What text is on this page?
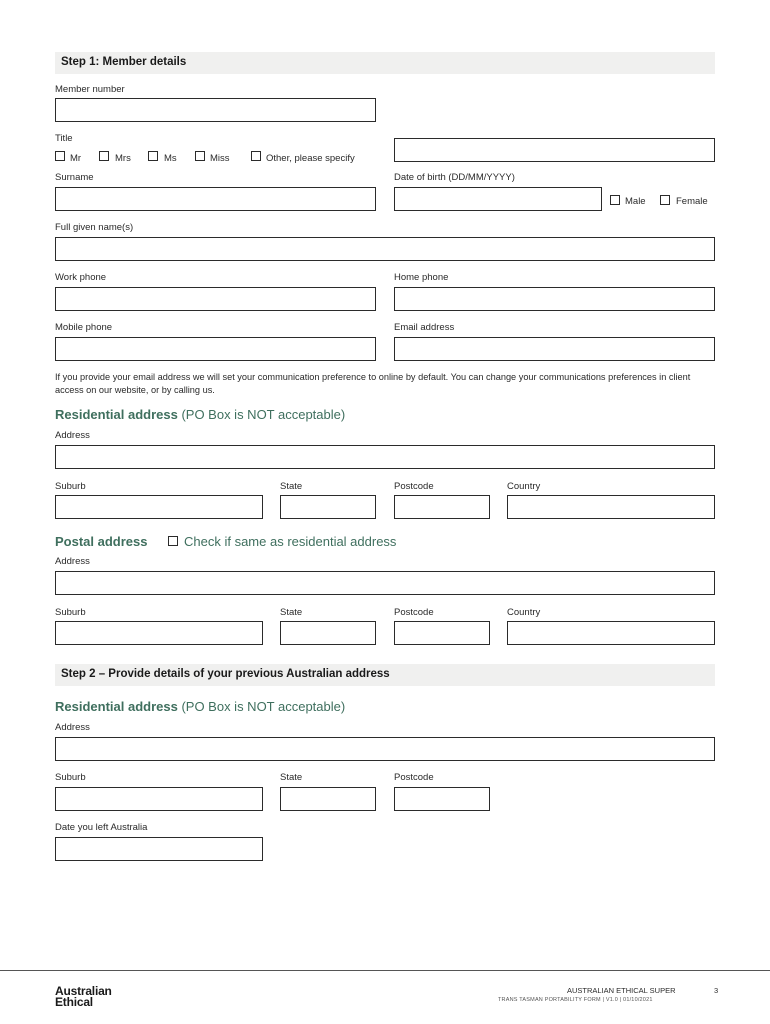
Step 1: Member details
Member number
Title
Mr	Mrs	Ms	Miss	Other, please specify
Surname	Date of birth (DD/MM/YYYY)
Male	Female
Full given name(s)
Work phone	Home phone
Mobile phone	Email address
If you provide your email address we will set your communication preference to online by default. You can change your communications preferences in client access on our website, or by calling us.
Residential address (PO Box is NOT acceptable)
Address
Suburb	State	Postcode	Country
Postal address	Check if same as residential address
Address
Suburb	State	Postcode	Country
Step 2 – Provide details of your previous Australian address
Residential address (PO Box is NOT acceptable)
Address
Suburb	State	Postcode
Date you left Australia
Australian
Ethical
AUSTRALIAN ETHICAL SUPER	3
TRANS TASMAN PORTABILITY FORM | V1.0 | 01/10/2021
